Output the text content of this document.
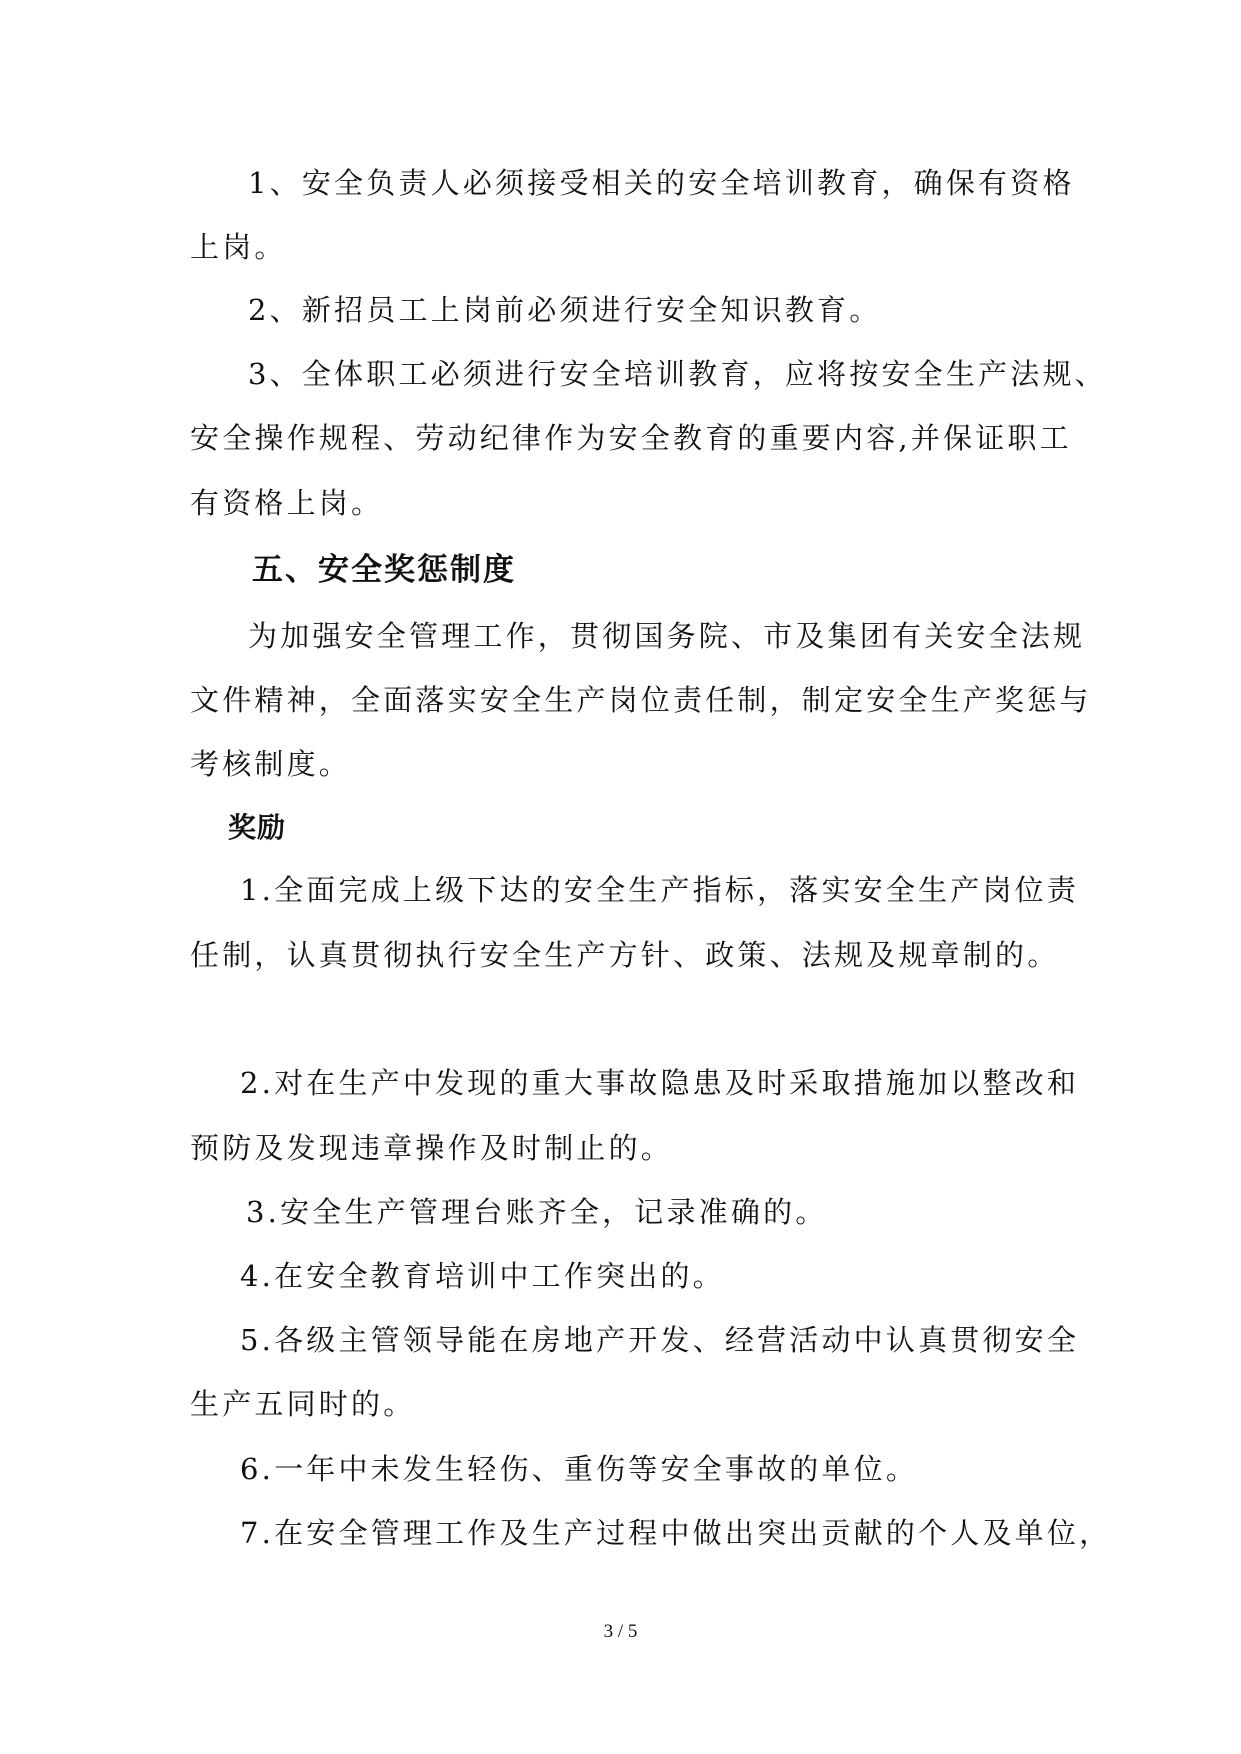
1、安全负责人必须接受相关的安全培训教育，确保有资格
上岗。
2、新招员工上岗前必须进行安全知识教育。
3、全体职工必须进行安全培训教育，应将按安全生产法规、
安全操作规程、劳动纪律作为安全教育的重要内容,并保证职工
有资格上岗。
五、安全奖惩制度
为加强安全管理工作，贯彻国务院、市及集团有关安全法规
文件精神，全面落实安全生产岗位责任制，制定安全生产奖惩与
考核制度。
奖励
1.全面完成上级下达的安全生产指标，落实安全生产岗位责
任制，认真贯彻执行安全生产方针、政策、法规及规章制的。
2.对在生产中发现的重大事故隐患及时采取措施加以整改和
预防及发现违章操作及时制止的。
3.安全生产管理台账齐全，记录准确的。
4.在安全教育培训中工作突出的。
5.各级主管领导能在房地产开发、经营活动中认真贯彻安全
生产五同时的。
6.一年中未发生轻伤、重伤等安全事故的单位。
7.在安全管理工作及生产过程中做出突出贡献的个人及单位，
3 / 5
